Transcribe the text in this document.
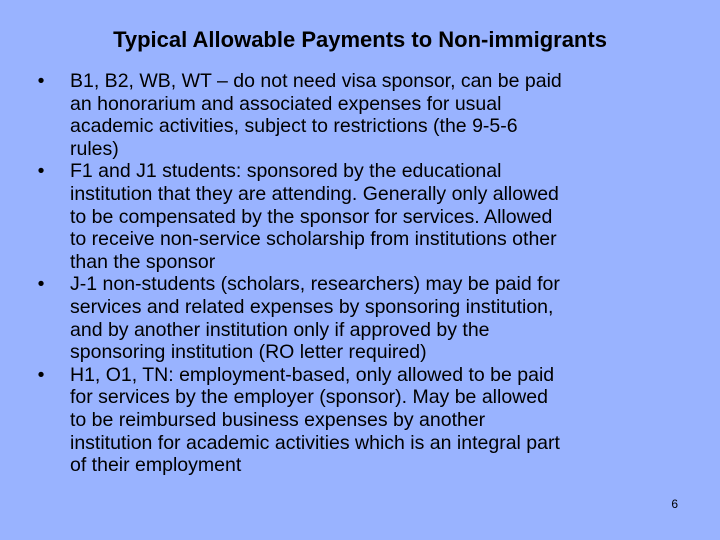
Typical Allowable Payments to Non-immigrants
• B1, B2, WB, WT – do not need visa sponsor, can be paid
an honorarium and associated expenses for usual
academic activities, subject to restrictions (the 9-5-6
rules)
• F1 and J1 students: sponsored by the educational
institution that they are attending. Generally only allowed
to be compensated by the sponsor for services. Allowed
to receive non-service scholarship from institutions other
than the sponsor
• J-1 non-students (scholars, researchers) may be paid for
services and related expenses by sponsoring institution,
and by another institution only if approved by the
sponsoring institution (RO letter required)
• H1, O1, TN: employment-based, only allowed to be paid
for services by the employer (sponsor). May be allowed
to be reimbursed business expenses by another
institution for academic activities which is an integral part
of their employment
6
